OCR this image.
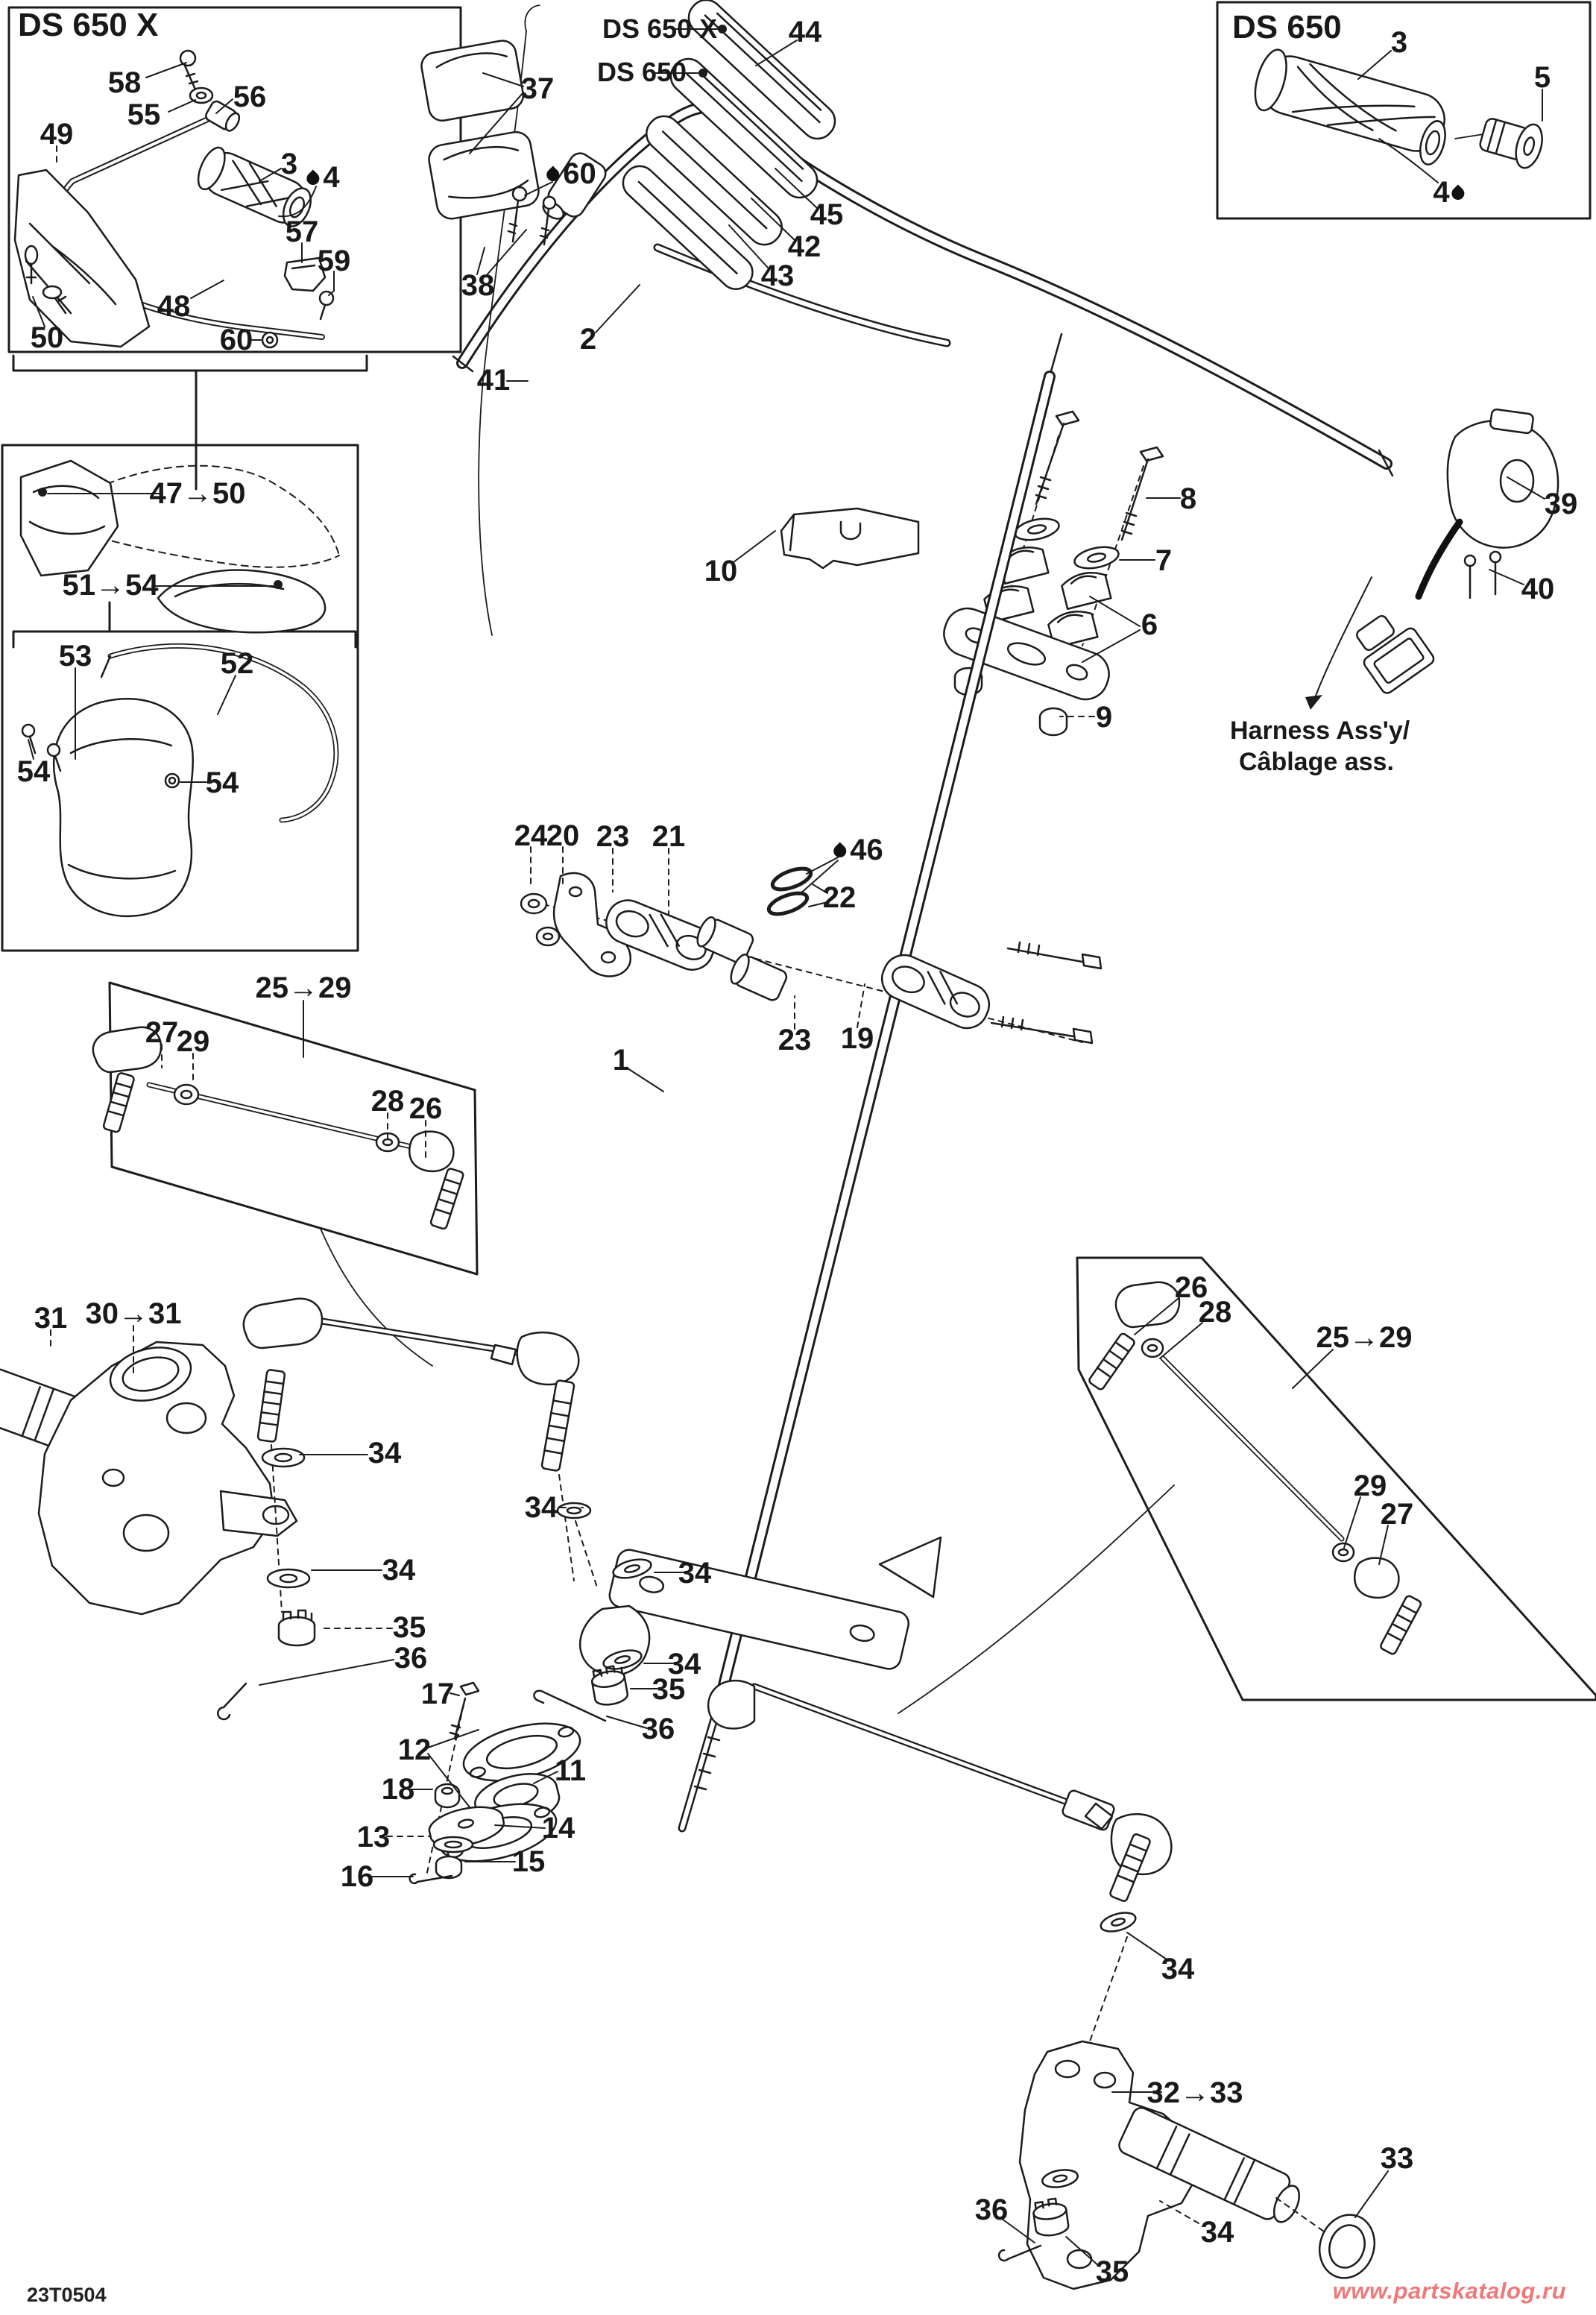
DS 650 X
58
55
56
49
3 4
57
59
48
50	60
47→50
51→54
53	52
54	54
37
38
60
41
2
DS 650 X
DS 650
44
45
42
43
DS 650 3
5
4
39
40
8
7
6
9
10
24
20 23 21	46
22
23 19
1
25→29
27
29
28 26
31 30→31
34
34
34
35
36
34
34
35
36
17
12
11
18
14
13
15
16
26
28
25→29
29
27
34
32→33
33
36
34
35
Harness Ass'y/
Câblage ass.
23T0504	www.partskatalog.ru
